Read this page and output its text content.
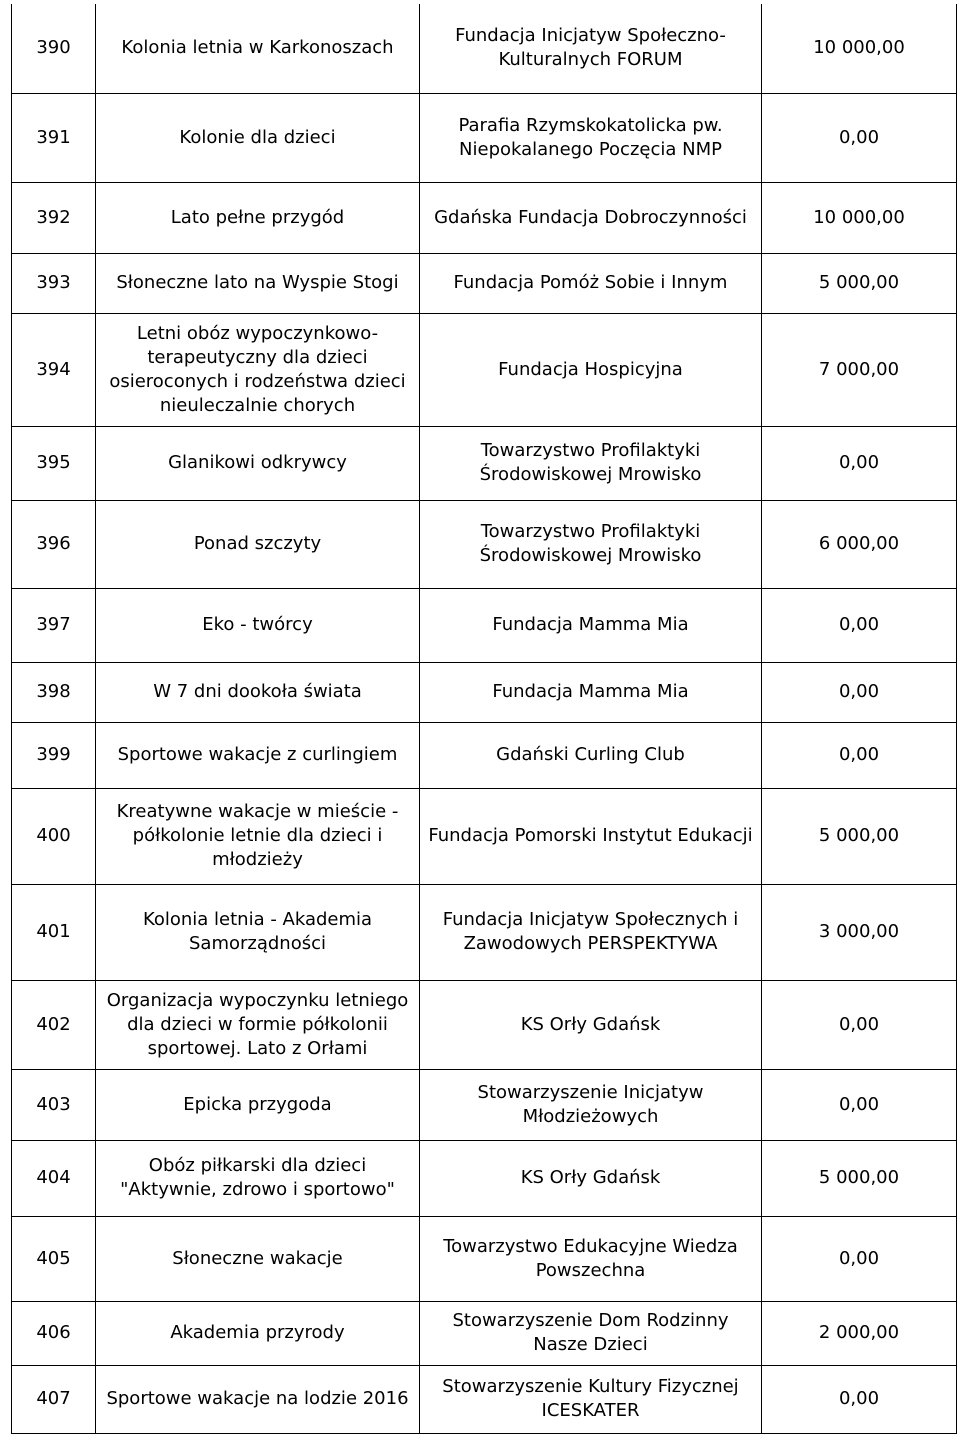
390	Kolonia letnia w Karkonoszach	Fundacja Inicjatyw Społeczno-Kulturalnych FORUM	10 000,00
391	Kolonie dla dzieci	Parafia Rzymskokatolicka pw. Niepokalanego Poczęcia NMP	0,00
392	Lato pełne przygód	Gdańska Fundacja Dobroczynności	10 000,00
393	Słoneczne lato na Wyspie Stogi	Fundacja Pomóż Sobie i Innym	5 000,00
394	Letni obóz wypoczynkowo-terapeutyczny dla dzieci osieroconych i rodzeństwa dzieci nieuleczalnie chorych	Fundacja Hospicyjna	7 000,00
395	Glanikowi odkrywcy	Towarzystwo Profilaktyki Środowiskowej Mrowisko	0,00
396	Ponad szczyty	Towarzystwo Profilaktyki Środowiskowej Mrowisko	6 000,00
397	Eko - twórcy	Fundacja Mamma Mia	0,00
398	W 7 dni dookoła świata	Fundacja Mamma Mia	0,00
399	Sportowe wakacje z curlingiem	Gdański Curling Club	0,00
400	Kreatywne wakacje w mieście - półkolonie letnie dla dzieci i młodzieży	Fundacja Pomorski Instytut Edukacji	5 000,00
401	Kolonia letnia - Akademia Samorządności	Fundacja Inicjatyw Społecznych i Zawodowych PERSPEKTYWA	3 000,00
402	Organizacja wypoczynku letniego dla dzieci w formie półkolonii sportowej. Lato z Orłami	KS Orły Gdańsk	0,00
403	Epicka przygoda	Stowarzyszenie Inicjatyw Młodzieżowych	0,00
404	Obóz piłkarski dla dzieci "Aktywnie, zdrowo i sportowo"	KS Orły Gdańsk	5 000,00
405	Słoneczne wakacje	Towarzystwo Edukacyjne Wiedza Powszechna	0,00
406	Akademia przyrody	Stowarzyszenie Dom Rodzinny Nasze Dzieci	2 000,00
407	Sportowe wakacje na lodzie 2016	Stowarzyszenie Kultury Fizycznej ICESKATER	0,00
